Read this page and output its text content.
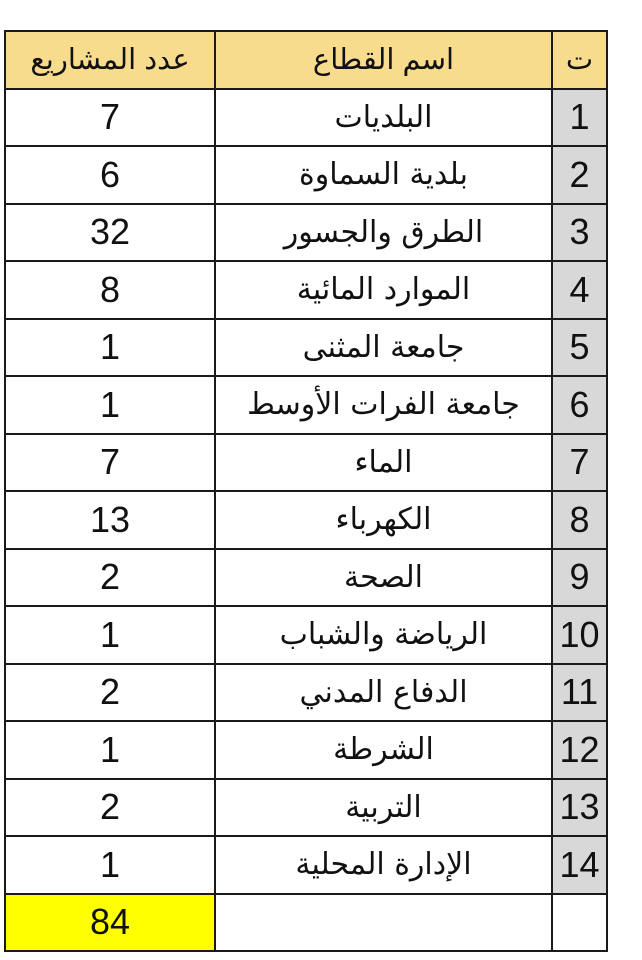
ت	اسم القطاع	عدد المشاريع
1	البلديات	7
2	بلدية السماوة	6
3	الطرق والجسور	32
4	الموارد المائية	8
5	جامعة المثنى	1
6	جامعة الفرات الأوسط	1
7	الماء	7
8	الكهرباء	13
9	الصحة	2
10	الرياضة والشباب	1
11	الدفاع المدني	2
12	الشرطة	1
13	التربية	2
14	الإدارة المحلية	1
		84
